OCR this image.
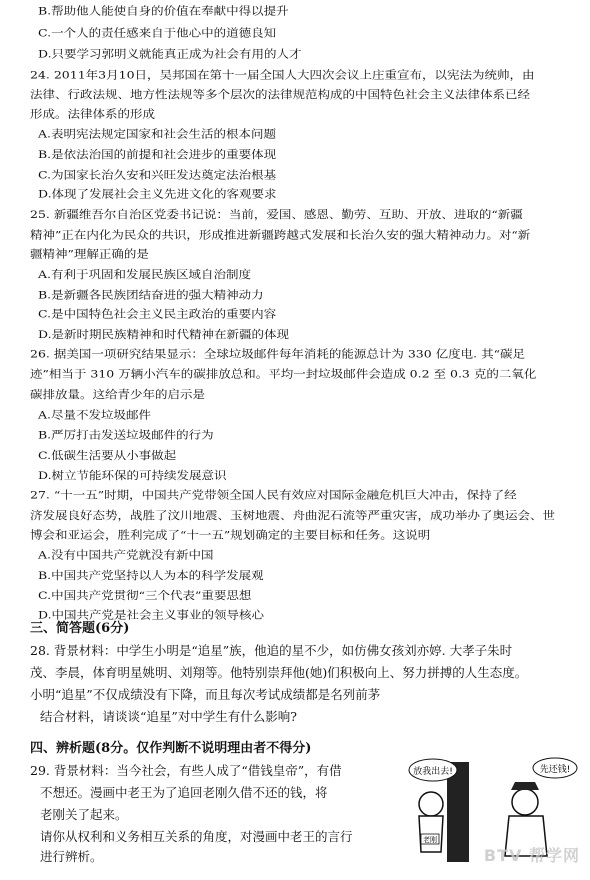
B.帮助他人能使自身的价值在奉献中得以提升
C.一个人的责任感来自于他心中的道德良知
D.只要学习郭明义就能真正成为社会有用的人才
24. 2011年3月10日，吴邦国在第十一届全国人大四次会议上庄重宣布，以宪法为统帅，由
法律、行政法规、地方性法规等多个层次的法律规范构成的中国特色社会主义法律体系已经
形成。法律体系的形成
A.表明宪法规定国家和社会生活的根本问题
B.是依法治国的前提和社会进步的重要体现
C.为国家长治久安和兴旺发达奠定法治根基
D.体现了发展社会主义先进文化的客观要求
25. 新疆维吾尔自治区党委书记说：当前，爱国、感恩、勤劳、互助、开放、进取的“新疆
精神”正在内化为民众的共识，形成推进新疆跨越式发展和长治久安的强大精神动力。对“新
疆精神”理解正确的是
A.有利于巩固和发展民族区域自治制度
B.是新疆各民族团结奋进的强大精神动力
C.是中国特色社会主义民主政治的重要内容
D.是新时期民族精神和时代精神在新疆的体现
26. 据美国一项研究结果显示：全球垃圾邮件每年消耗的能源总计为 330 亿度电. 其“碳足
迹”相当于 310 万辆小汽车的碳排放总和。平均一封垃圾邮件会造成 0.2 至 0.3 克的二氧化
碳排放量。这给青少年的启示是
A.尽量不发垃圾邮件
B.严厉打击发送垃圾邮件的行为
C.低碳生活要从小事做起
D.树立节能环保的可持续发展意识
27. “十一五”时期，中国共产党带领全国人民有效应对国际金融危机巨大冲击，保持了经
济发展良好态势，战胜了汶川地震、玉树地震、舟曲泥石流等严重灾害，成功举办了奥运会、世
博会和亚运会，胜利完成了“十一五”规划确定的主要目标和任务。这说明
A.没有中国共产党就没有新中国
B.中国共产党坚持以人为本的科学发展观
C.中国共产党贯彻“三个代表”重要思想
D.中国共产党是社会主义事业的领导核心
三、简答题(6分)
28. 背景材料：中学生小明是“追星”族，他追的星不少，如仿佛女孩刘亦婷. 大孝子朱时
茂、李晨，体育明星姚明、刘翔等。他特别崇拜他(她)们积极向上、努力拼搏的人生态度。
小明“追星”不仅成绩没有下降，而且每次考试成绩都是名列前茅
结合材料，请谈谈“追星”对中学生有什么影响?
四、辨析题(8分。仅作判断不说明理由者不得分)
29. 背景材料：当今社会，有些人成了“借钱皇帝”，有借
不想还。漫画中老王为了追回老刚久借不还的钱，将
老刚关了起来。
请你从权利和义务相互关系的角度，对漫画中老王的言行
进行辨析。
放我出去!	先还钱!
老刚
BTV 帮学网
